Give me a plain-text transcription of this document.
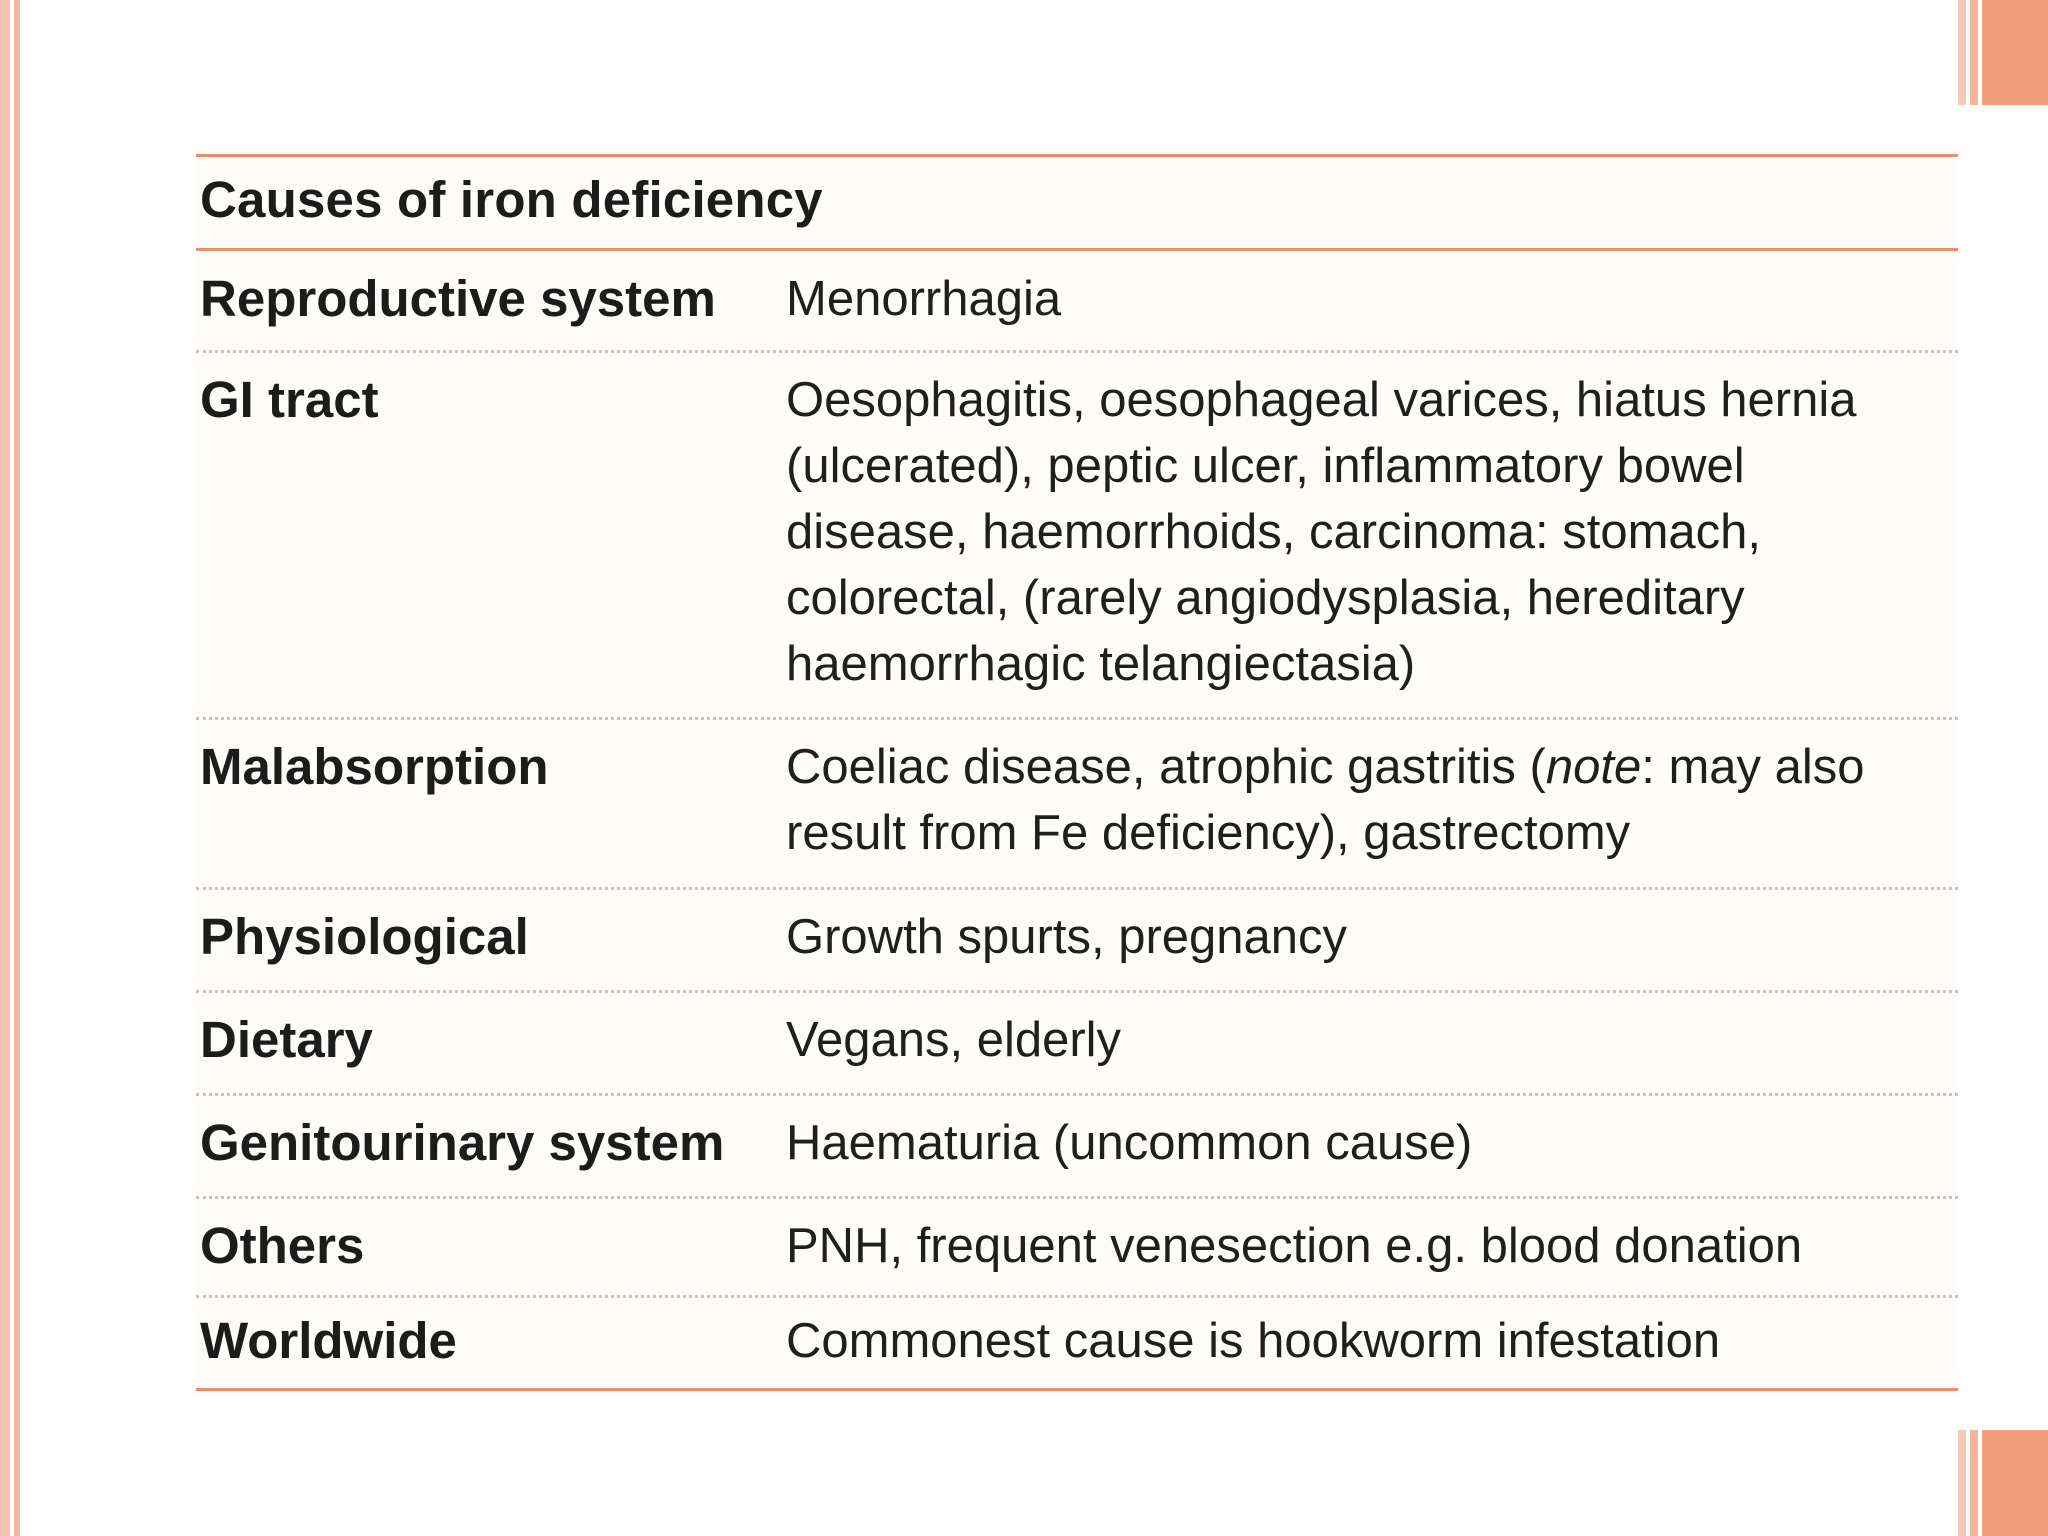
Causes of iron deficiency
Reproductive system	Menorrhagia
GI tract	Oesophagitis, oesophageal varices, hiatus hernia (ulcerated), peptic ulcer, inflammatory bowel disease, haemorrhoids, carcinoma: stomach, colorectal, (rarely angiodysplasia, hereditary haemorrhagic telangiectasia)
Malabsorption	Coeliac disease, atrophic gastritis (note: may also result from Fe deficiency), gastrectomy
Physiological	Growth spurts, pregnancy
Dietary	Vegans, elderly
Genitourinary system	Haematuria (uncommon cause)
Others	PNH, frequent venesection e.g. blood donation
Worldwide	Commonest cause is hookworm infestation
